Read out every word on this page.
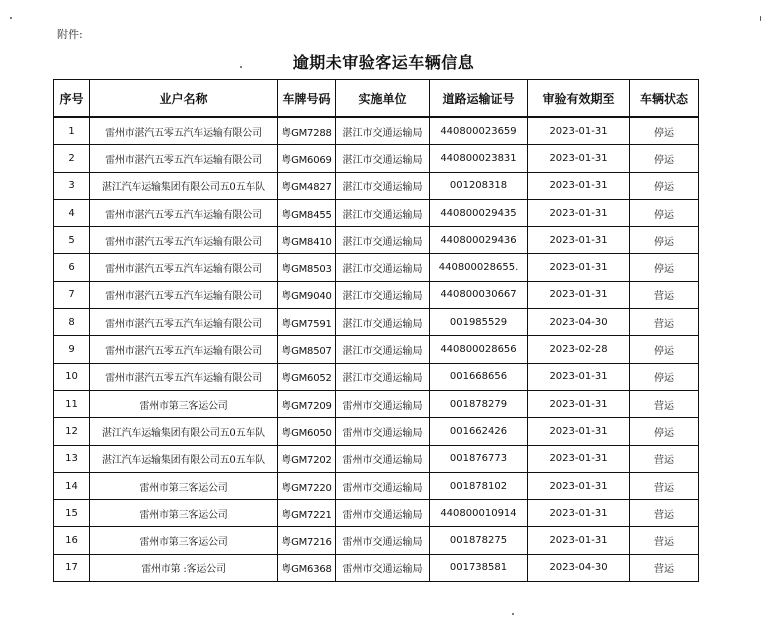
附件:
逾期未审验客运车辆信息
序号	业户名称	车牌号码	实施单位	道路运输证号	审验有效期至	车辆状态
1	雷州市湛汽五零五汽车运输有限公司	粤GM7288	湛江市交通运输局	440800023659	2023-01-31	停运
2	雷州市湛汽五零五汽车运输有限公司	粤GM6069	湛江市交通运输局	440800023831	2023-01-31	停运
3	湛江汽车运输集团有限公司五0五车队	粤GM4827	湛江市交通运输局	001208318	2023-01-31	停运
4	雷州市湛汽五零五汽车运输有限公司	粤GM8455	湛江市交通运输局	440800029435	2023-01-31	停运
5	雷州市湛汽五零五汽车运输有限公司	粤GM8410	湛江市交通运输局	440800029436	2023-01-31	停运
6	雷州市湛汽五零五汽车运输有限公司	粤GM8503	湛江市交通运输局	440800028655.	2023-01-31	停运
7	雷州市湛汽五零五汽车运输有限公司	粤GM9040	湛江市交通运输局	440800030667	2023-01-31	营运
8	雷州市湛汽五零五汽车运输有限公司	粤GM7591	湛江市交通运输局	001985529	2023-04-30	营运
9	雷州市湛汽五零五汽车运输有限公司	粤GM8507	湛江市交通运输局	440800028656	2023-02-28	停运
10	雷州市湛汽五零五汽车运输有限公司	粤GM6052	湛江市交通运输局	001668656	2023-01-31	停运
11	雷州市第三客运公司	粤GM7209	雷州市交通运输局	001878279	2023-01-31	营运
12	湛江汽车运输集团有限公司五0五车队	粤GM6050	雷州市交通运输局	001662426	2023-01-31	停运
13	湛江汽车运输集团有限公司五0五车队	粤GM7202	雷州市交通运输局	001876773	2023-01-31	营运
14	雷州市第三客运公司	粤GM7220	雷州市交通运输局	001878102	2023-01-31	营运
15	雷州市第三客运公司	粤GM7221	雷州市交通运输局	440800010914	2023-01-31	营运
16	雷州市第三客运公司	粤GM7216	雷州市交通运输局	001878275	2023-01-31	营运
17	雷州市第 :客运公司	粤GM6368	雷州市交通运输局	001738581	2023-04-30	营运
